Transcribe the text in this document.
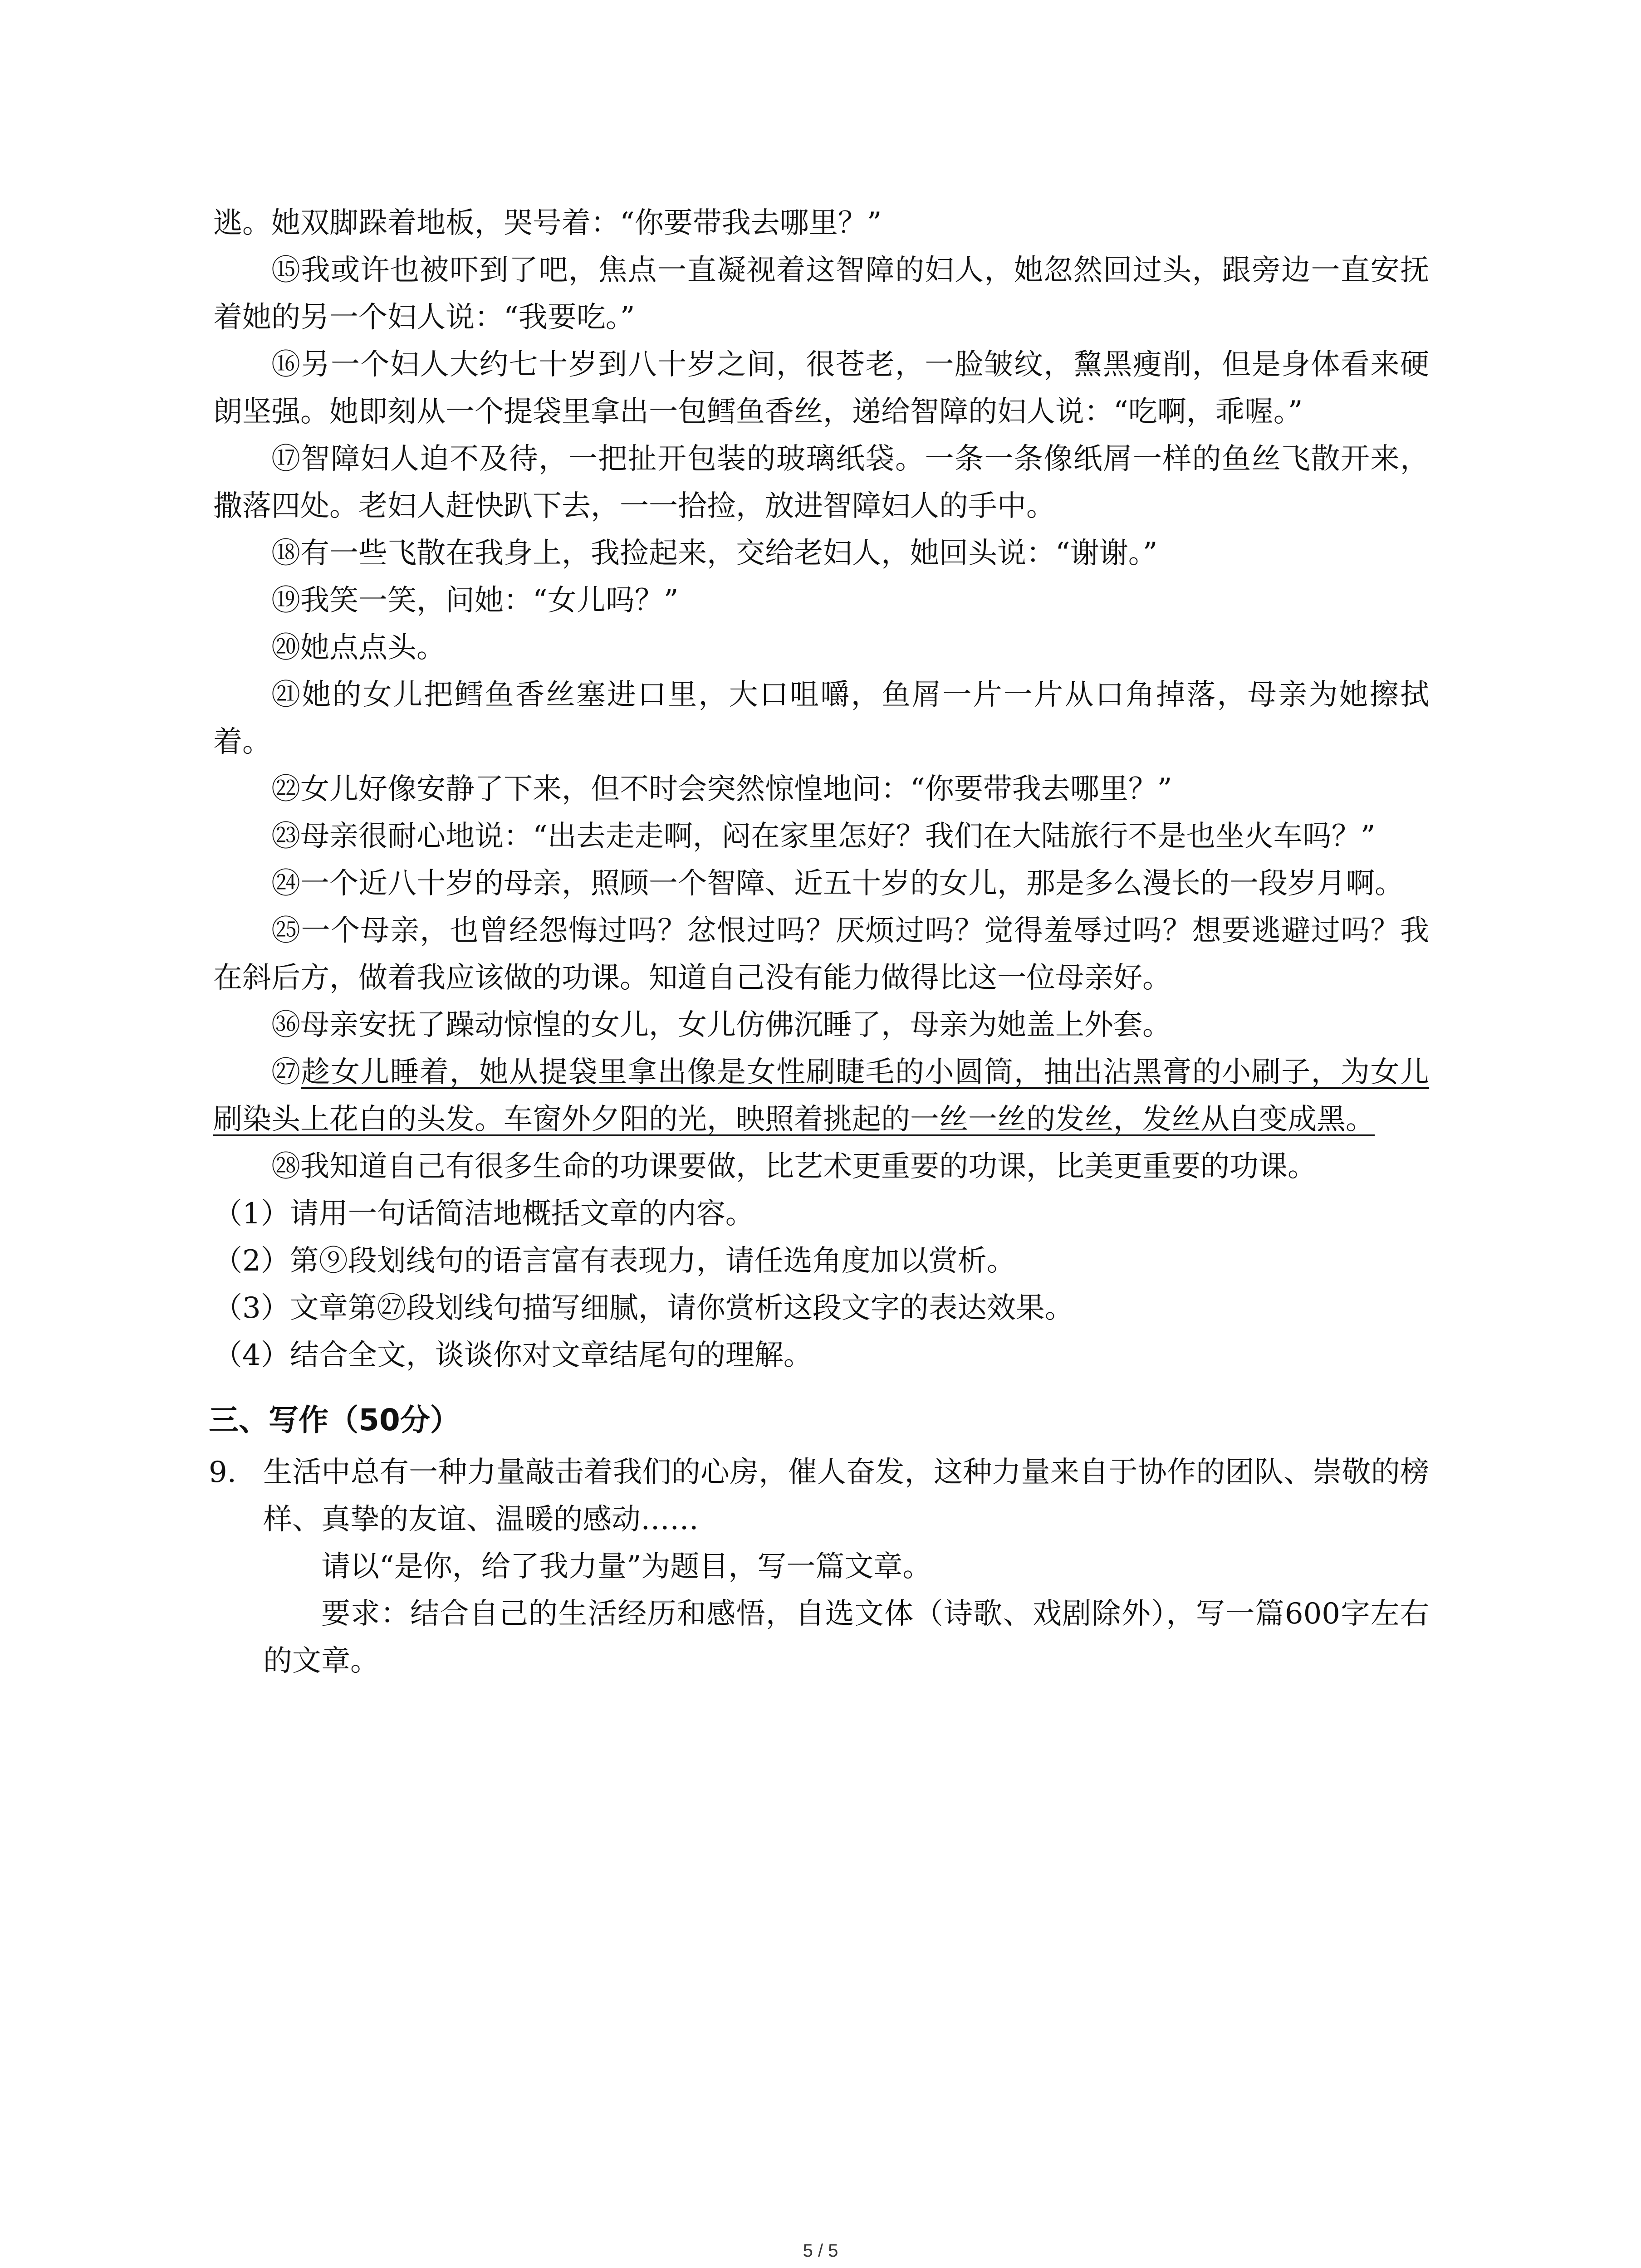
逃。她双脚跺着地板，哭号着：“你要带我去哪里？”

⑮我或许也被吓到了吧，焦点一直凝视着这智障的妇人，她忽然回过头，跟旁边一直安抚着她的另一个妇人说：“我要吃。”

⑯另一个妇人大约七十岁到八十岁之间，很苍老，一脸皱纹，黧黑瘦削，但是身体看来硬朗坚强。她即刻从一个提袋里拿出一包鳕鱼香丝，递给智障的妇人说：“吃啊，乖喔。”

⑰智障妇人迫不及待，一把扯开包装的玻璃纸袋。一条一条像纸屑一样的鱼丝飞散开来，撒落四处。老妇人赶快趴下去，一一拾捡，放进智障妇人的手中。

⑱有一些飞散在我身上，我捡起来，交给老妇人，她回头说：“谢谢。”

⑲我笑一笑，问她：“女儿吗？”

⑳她点点头。

㉑她的女儿把鳕鱼香丝塞进口里，大口咀嚼，鱼屑一片一片从口角掉落，母亲为她擦拭着。

㉒女儿好像安静了下来，但不时会突然惊惶地问：“你要带我去哪里？”

㉓母亲很耐心地说：“出去走走啊，闷在家里怎好？我们在大陆旅行不是也坐火车吗？”

㉔一个近八十岁的母亲，照顾一个智障、近五十岁的女儿，那是多么漫长的一段岁月啊。

㉕一个母亲，也曾经怨悔过吗？忿恨过吗？厌烦过吗？觉得羞辱过吗？想要逃避过吗？我在斜后方，做着我应该做的功课。知道自己没有能力做得比这一位母亲好。

㊱母亲安抚了躁动惊惶的女儿，女儿仿佛沉睡了，母亲为她盖上外套。

㉗趁女儿睡着，她从提袋里拿出像是女性刷睫毛的小圆筒，抽出沾黑膏的小刷子，为女儿刷染头上花白的头发。车窗外夕阳的光，映照着挑起的一丝一丝的发丝，发丝从白变成黑。

㉘我知道自己有很多生命的功课要做，比艺术更重要的功课，比美更重要的功课。

（1）请用一句话简洁地概括文章的内容。

（2）第⑨段划线句的语言富有表现力，请任选角度加以赏析。

（3）文章第㉗段划线句描写细腻，请你赏析这段文字的表达效果。

（4）结合全文，谈谈你对文章结尾句的理解。

三、写作（50分）
9. 生活中总有一种力量敲击着我们的心房，催人奋发，这种力量来自于协作的团队、崇敬的榜样、真挚的友谊、温暖的感动……

请以“是你，给了我力量”为题目，写一篇文章。

要求：结合自己的生活经历和感悟，自选文体（诗歌、戏剧除外），写一篇600字左右的文章。

5 / 5
